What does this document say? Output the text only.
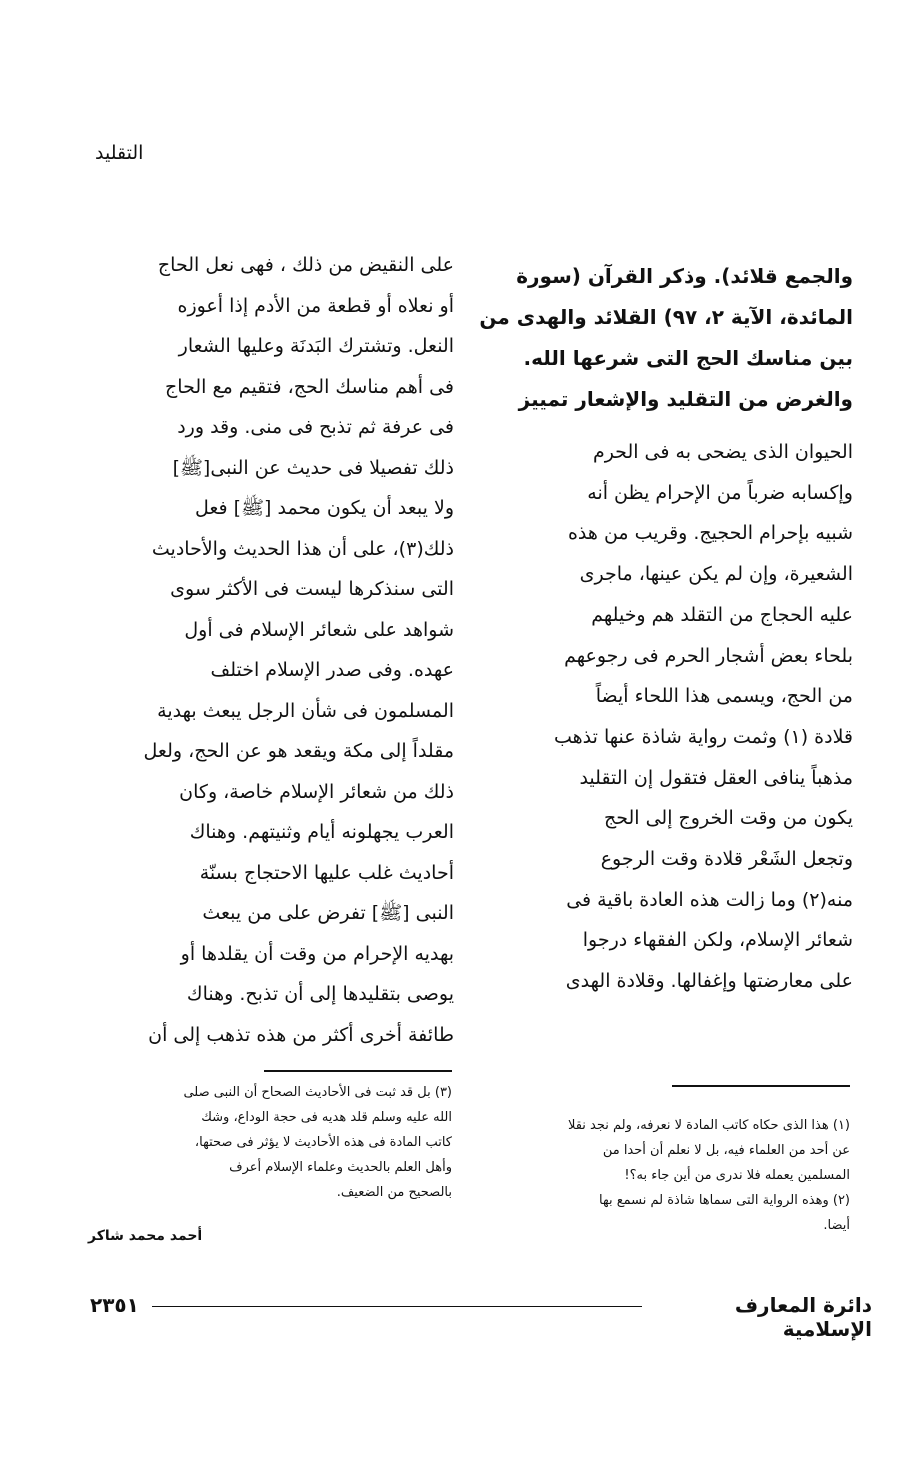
التقليد
والجمع قلائد). وذكر القرآن (سورة
المائدة، الآية ٢، ٩٧) القلائد والهدى من
بين مناسك الحج التى شرعها الله.
والغرض من التقليد والإشعار تمييز
الحيوان الذى يضحى به فى الحرم
وإكسابه ضرباً من الإحرام يظن أنه
شبيه بإحرام الحجيج. وقريب من هذه
الشعيرة، وإن لم يكن عينها، ماجرى
عليه الحجاج من التقلد هم وخيلهم
بلحاء بعض أشجار الحرم فى رجوعهم
من الحج، ويسمى هذا اللحاء أيضاً
قلادة (١) وثمت رواية شاذة عنها تذهب
مذهباً ينافى العقل فتقول إن التقليد
يكون من وقت الخروج إلى الحج
وتجعل الشَعْر قلادة وقت الرجوع
منه(٢) وما زالت هذه العادة باقية فى
شعائر الإسلام، ولكن الفقهاء درجوا
على معارضتها وإغفالها. وقلادة الهدى
(١) هذا الذى حكاه كاتب المادة لا نعرفه، ولم نجد نقلا
عن أحد من العلماء فيه، بل لا نعلم أن أحدا من
المسلمين يعمله فلا ندرى من أين جاء به؟!
(٢) وهذه الرواية التى سماها شاذة لم نسمع بها
أيضا.
على النقيض من ذلك ، فهى نعل الحاج
أو نعلاه أو قطعة من الأدم إذا أعوزه
النعل. وتشترك البَدنَة وعليها الشعار
فى أهم مناسك الحج، فتقيم مع الحاج
فى عرفة ثم تذبح فى منى. وقد ورد
ذلك تفصيلا فى حديث عن النبى[ﷺ]
ولا يبعد أن يكون محمد [ﷺ] فعل
ذلك(٣)، على أن هذا الحديث والأحاديث
التى سنذكرها ليست فى الأكثر سوى
شواهد على شعائر الإسلام فى أول
عهده. وفى صدر الإسلام اختلف
المسلمون فى شأن الرجل يبعث بهدية
مقلداً إلى مكة ويقعد هو عن الحج، ولعل
ذلك من شعائر الإسلام خاصة، وكان
العرب يجهلونه أيام وثنيتهم. وهناك
أحاديث غلب عليها الاحتجاج بسنّة
النبى [ﷺ] تفرض على من يبعث
بهديه الإحرام من وقت أن يقلدها أو
يوصى بتقليدها إلى أن تذبح. وهناك
طائفة أخرى أكثر من هذه تذهب إلى أن
(٣) بل قد ثبت فى الأحاديث الصحاح أن النبى صلى
الله عليه وسلم قلد هديه فى حجة الوداع، وشك
كاتب المادة فى هذه الأحاديث لا يؤثر فى صحتها،
وأهل العلم بالحديث وعلماء الإسلام أعرف
بالصحيح من الضعيف.
أحمد محمد شاكر
دائرة المعارف الإسلامية
٢٣٥١
